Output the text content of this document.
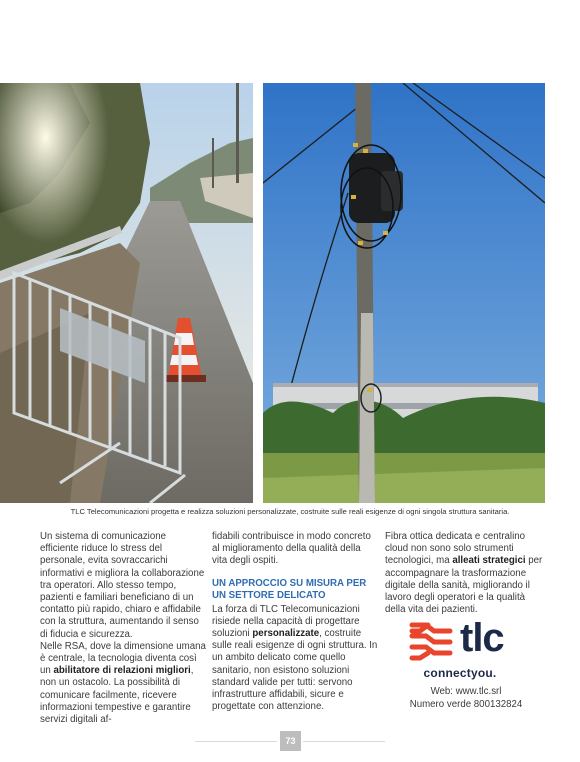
TLC Telecomunicazioni progetta e realizza soluzioni personalizzate, costruite sulle reali esigenze di ogni singola struttura sanitaria.

Un sistema di comunicazione efficiente riduce lo stress del personale, evita sovraccarichi informativi e migliora la collaborazione tra operatori. Allo stesso tempo, pazienti e familiari beneficiano di un contatto più rapido, chiaro e affidabile con la struttura, aumentando il senso di fiducia e sicurezza.

Nelle RSA, dove la dimensione umana è centrale, la tecnologia diventa così un abilitatore di relazioni migliori, non un ostacolo. La possibilità di comunicare facilmente, ricevere informazioni tempestive e garantire servizi digitali af-

fidabili contribuisce in modo concreto al miglioramento della qualità della vita degli ospiti.

UN APPROCCIO SU MISURA PER UN SETTORE DELICATO

La forza di TLC Telecomunicazioni risiede nella capacità di progettare soluzioni personalizzate, costruite sulle reali esigenze di ogni struttura. In un ambito delicato come quello sanitario, non esistono soluzioni standard valide per tutti: servono infrastrutture affidabili, sicure e progettate con attenzione.

Fibra ottica dedicata e centralino cloud non sono solo strumenti tecnologici, ma alleati strategici per accompagnare la trasformazione digitale della sanità, migliorando il lavoro degli operatori e la qualità della vita dei pazienti.

tlc
connectyou.
Web: www.tlc.srl
Numero verde 800132824
73
